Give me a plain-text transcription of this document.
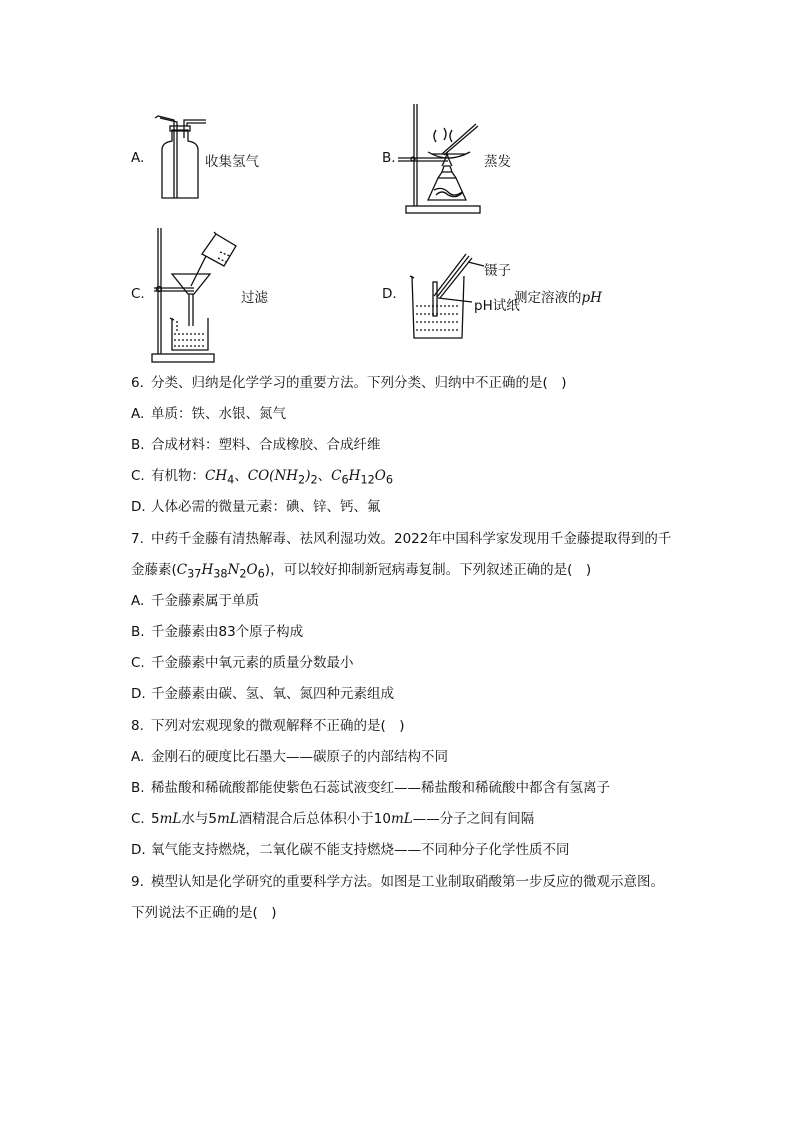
A.	收集氢气	B.	蒸发
C.	过滤	D.
镊子
pH试纸
测定溶液的pH
6. 分类、归纳是化学学习的重要方法。下列分类、归纳中不正确的是(　)
A. 单质：铁、水银、氮气
B. 合成材料：塑料、合成橡胶、合成纤维
C. 有机物：$CH_4$、$CO(NH_2)_2$、$C_6H_{12}O_6$
D. 人体必需的微量元素：碘、锌、钙、氟
7. 中药千金藤有清热解毒、祛风利湿功效。2022年中国科学家发现用千金藤提取得到的千
金藤素$(C_{37}H_{38}N_2O_6)$，可以较好抑制新冠病毒复制。下列叙述正确的是(　)
A. 千金藤素属于单质
B. 千金藤素由83个原子构成
C. 千金藤素中氧元素的质量分数最小
D. 千金藤素由碳、氢、氧、氮四种元素组成
8. 下列对宏观现象的微观解释不正确的是(　)
A. 金刚石的硬度比石墨大——碳原子的内部结构不同
B. 稀盐酸和稀硫酸都能使紫色石蕊试液变红——稀盐酸和稀硫酸中都含有氢离子
C. 5mL水与5mL酒精混合后总体积小于10mL——分子之间有间隔
D. 氧气能支持燃烧，二氧化碳不能支持燃烧——不同种分子化学性质不同
9. 模型认知是化学研究的重要科学方法。如图是工业制取硝酸第一步反应的微观示意图。
下列说法不正确的是(　)
